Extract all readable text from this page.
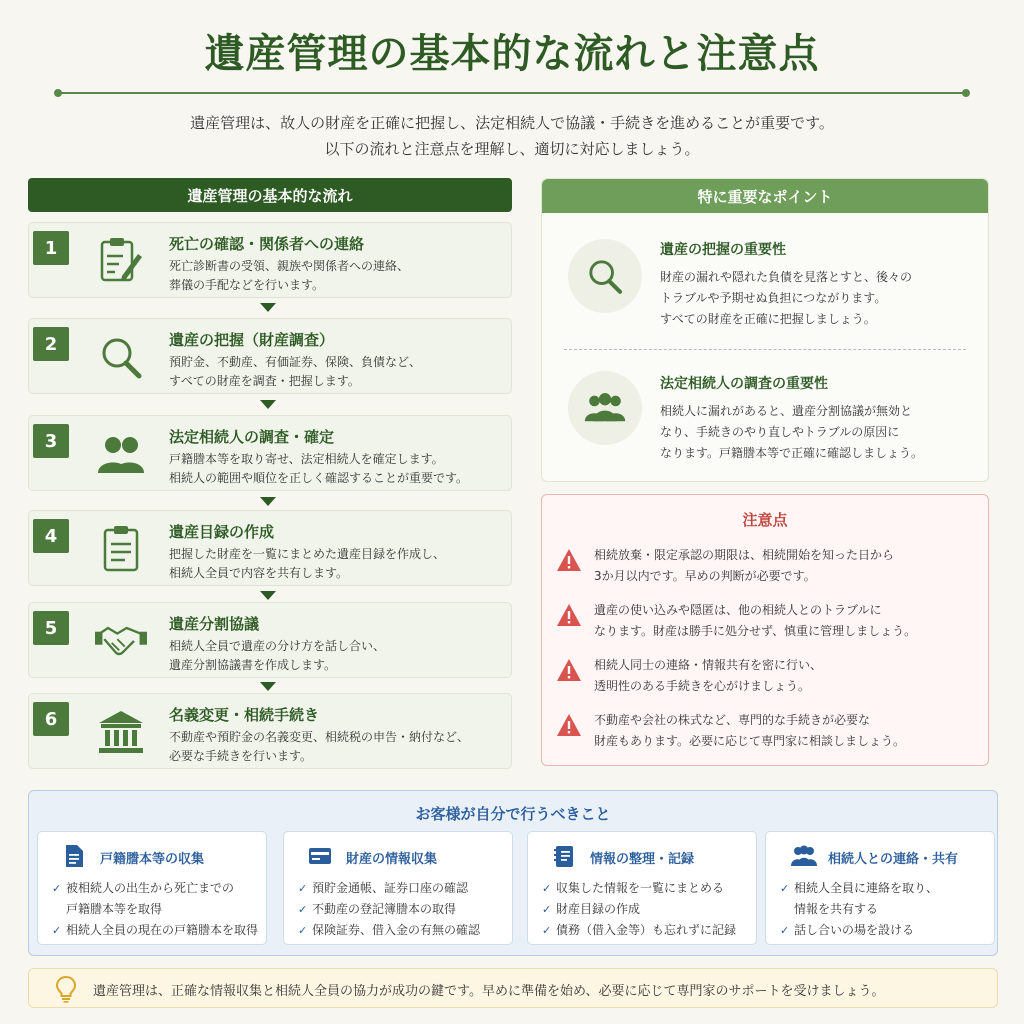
遺産管理の基本的な流れと注意点
遺産管理は、故人の財産を正確に把握し、法定相続人で協議・手続きを進めることが重要です。
以下の流れと注意点を理解し、適切に対応しましょう。
遺産管理の基本的な流れ
1	死亡の確認・関係者への連絡
死亡診断書の受領、親族や関係者への連絡、
葬儀の手配などを行います。
2	遺産の把握（財産調査）
預貯金、不動産、有価証券、保険、負債など、
すべての財産を調査・把握します。
3	法定相続人の調査・確定
戸籍謄本等を取り寄せ、法定相続人を確定します。
相続人の範囲や順位を正しく確認することが重要です。
4	遺産目録の作成
把握した財産を一覧にまとめた遺産目録を作成し、
相続人全員で内容を共有します。
5	遺産分割協議
相続人全員で遺産の分け方を話し合い、
遺産分割協議書を作成します。
6	名義変更・相続手続き
不動産や預貯金の名義変更、相続税の申告・納付など、
必要な手続きを行います。
特に重要なポイント
遺産の把握の重要性
財産の漏れや隠れた負債を見落とすと、後々の
トラブルや予期せぬ負担につながります。
すべての財産を正確に把握しましょう。
法定相続人の調査の重要性
相続人に漏れがあると、遺産分割協議が無効と
なり、手続きのやり直しやトラブルの原因に
なります。戸籍謄本等で正確に確認しましょう。
注意点
相続放棄・限定承認の期限は、相続開始を知った日から
3か月以内です。早めの判断が必要です。
遺産の使い込みや隠匿は、他の相続人とのトラブルに
なります。財産は勝手に処分せず、慎重に管理しましょう。
相続人同士の連絡・情報共有を密に行い、
透明性のある手続きを心がけましょう。
不動産や会社の株式など、専門的な手続きが必要な
財産もあります。必要に応じて専門家に相談しましょう。
お客様が自分で行うべきこと
戸籍謄本等の収集
✓ 被相続人の出生から死亡までの
戸籍謄本等を取得
✓ 相続人全員の現在の戸籍謄本を取得
財産の情報収集
✓ 預貯金通帳、証券口座の確認
✓ 不動産の登記簿謄本の取得
✓ 保険証券、借入金の有無の確認
情報の整理・記録
✓ 収集した情報を一覧にまとめる
✓ 財産目録の作成
✓ 債務（借入金等）も忘れずに記録
相続人との連絡・共有
✓ 相続人全員に連絡を取り、
情報を共有する
✓ 話し合いの場を設ける
遺産管理は、正確な情報収集と相続人全員の協力が成功の鍵です。早めに準備を始め、必要に応じて専門家のサポートを受けましょう。
